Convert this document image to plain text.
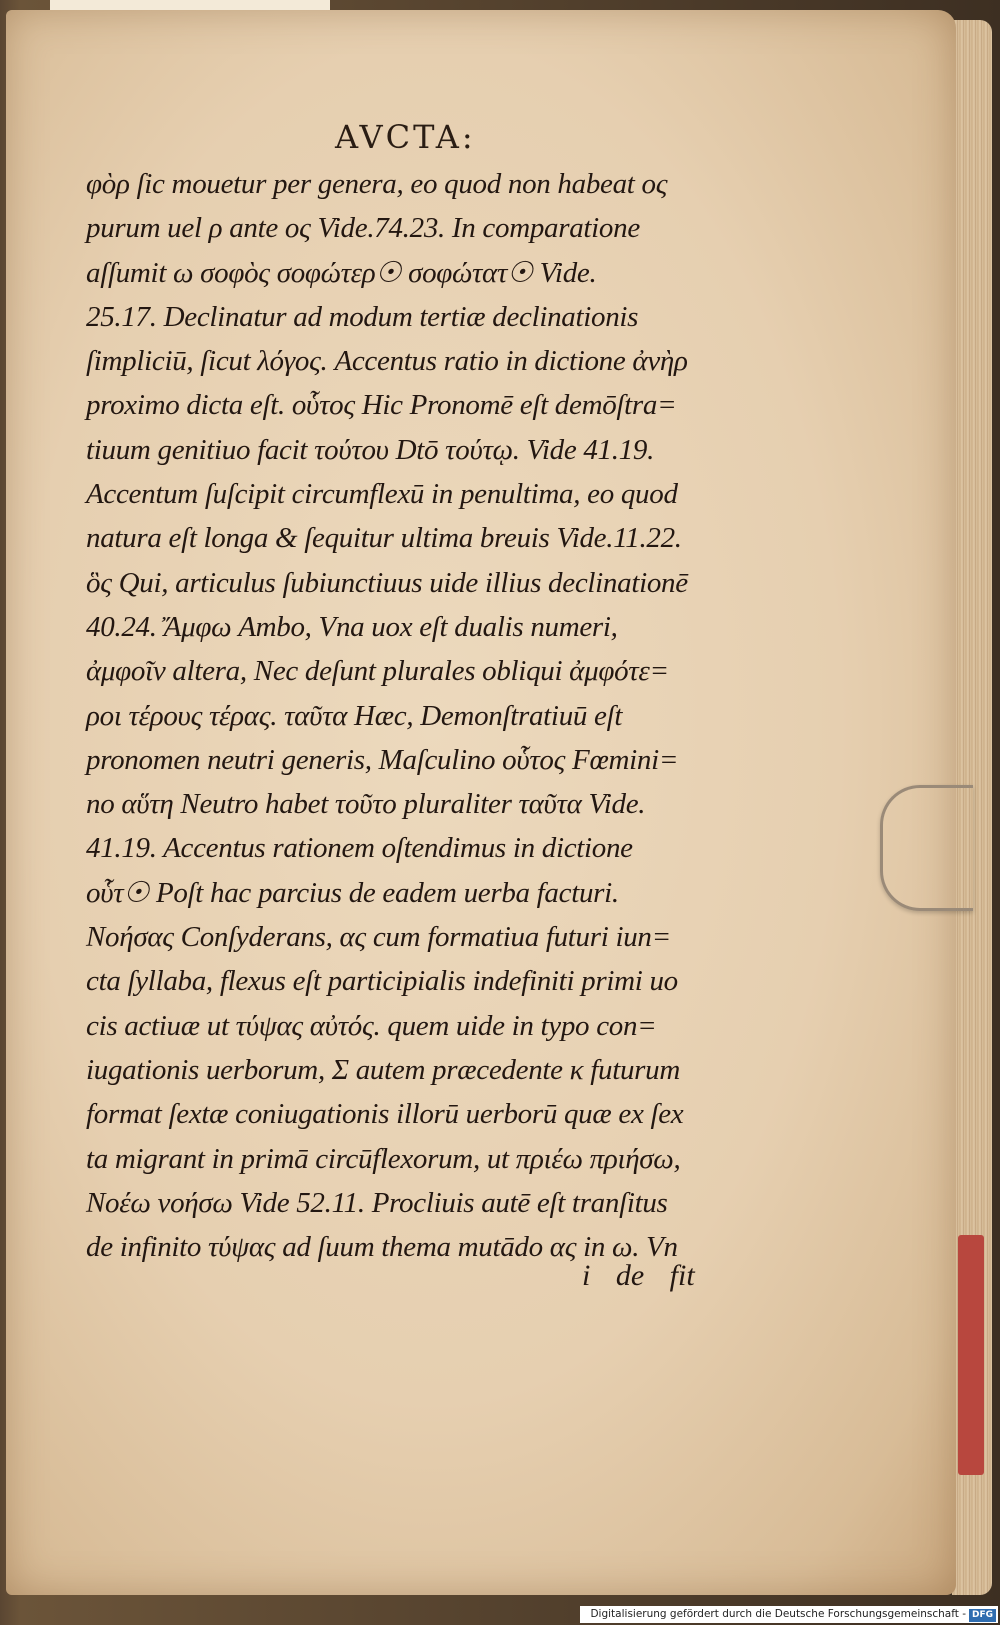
AVCTA:
φὸρ ſic mouetur per genera, eo quod non habeat ος
purum uel ρ ante ος Vide.74.23. In comparatione
aſſumit ω σοφὸς σοφώτερ☉ σοφώτατ☉ Vide.
25.17. Declinatur ad modum tertiæ declinationis
ſimpliciū, ſicut λόγος. Accentus ratio in dictione ἀνὴρ
proximo dicta eſt. οὗτος Hic Pronomē eſt demōſtra=
tiuum genitiuo facit τούτου Dtō τούτῳ. Vide 41.19.
Accentum ſuſcipit circumflexū in penultima, eo quod
natura eſt longa & ſequitur ultima breuis Vide.11.22.
ὃς Qui, articulus ſubiunctiuus uide illius declinationē
40.24. Ἄμφω Ambo, Vna uox eſt dualis numeri,
ἀμφοῖν altera, Nec deſunt plurales obliqui ἀμφότε=
ροι τέρους τέρας. ταῦτα Hæc, Demonſtratiuū eſt
pronomen neutri generis, Maſculino οὗτος Fœmini=
no αὕτη Neutro habet τοῦτο pluraliter ταῦτα Vide.
41.19. Accentus rationem oſtendimus in dictione
οὗτ☉ Poſt hac parcius de eadem uerba facturi.
Νοήσας Conſyderans, ας cum formatiua futuri iun=
cta ſyllaba, flexus eſt participialis indefiniti primi uo
cis actiuæ ut τύψας αὐτός. quem uide in typo con=
iugationis uerborum, Σ autem præcedente κ futurum
format ſextæ coniugationis illorū uerborū quæ ex ſex
ta migrant in primā circūflexorum, ut πριέω πριήσω,
Νοέω νοήσω Vide 52.11. Procliuis autē eſt tranſitus
de infinito τύψας ad ſuum thema mutādo ας in ω. Vn
i de fit
Digitalisierung gefördert durch die Deutsche Forschungsgemeinschaft - DFG
